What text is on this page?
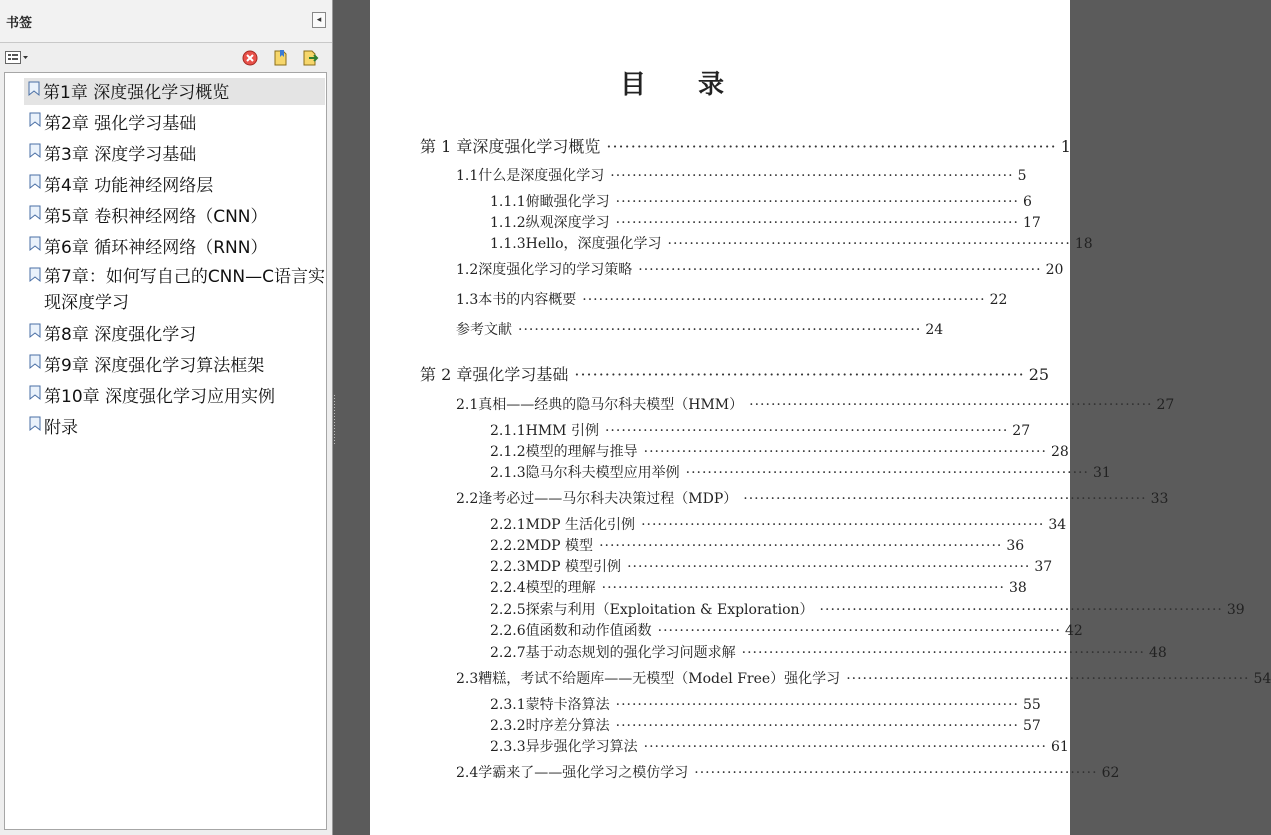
书签	◂
第1章 深度强化学习概览
第2章 强化学习基础
第3章 深度学习基础
第4章 功能神经网络层
第5章 卷积神经网络（CNN）
第6章 循环神经网络（RNN）
第7章：如何写自己的CNN—C语言实现深度学习
第8章 深度强化学习
第9章 深度强化学习算法框架
第10章 深度强化学习应用实例
附录
目录
第 1 章 深度强化学习概览 ·········································································· 1
1.1 什么是深度强化学习 ·········································································· 5
1.1.1 俯瞰强化学习 ·········································································· 6
1.1.2 纵观深度学习 ·········································································· 17
1.1.3 Hello，深度强化学习 ·········································································· 18
1.2 深度强化学习的学习策略 ·········································································· 20
1.3 本书的内容概要 ·········································································· 22
参考文献 ·········································································· 24
第 2 章 强化学习基础 ·········································································· 25
2.1 真相——经典的隐马尔科夫模型（HMM） ·········································································· 27
2.1.1 HMM 引例 ·········································································· 27
2.1.2 模型的理解与推导 ·········································································· 28
2.1.3 隐马尔科夫模型应用举例 ·········································································· 31
2.2 逢考必过——马尔科夫决策过程（MDP） ·········································································· 33
2.2.1 MDP 生活化引例 ·········································································· 34
2.2.2 MDP 模型 ·········································································· 36
2.2.3 MDP 模型引例 ·········································································· 37
2.2.4 模型的理解 ·········································································· 38
2.2.5 探索与利用（Exploitation & Exploration） ·········································································· 39
2.2.6 值函数和动作值函数 ·········································································· 42
2.2.7 基于动态规划的强化学习问题求解 ·········································································· 48
2.3 糟糕，考试不给题库——无模型（Model Free）强化学习 ·········································································· 54
2.3.1 蒙特卡洛算法 ·········································································· 55
2.3.2 时序差分算法 ·········································································· 57
2.3.3 异步强化学习算法 ·········································································· 61
2.4 学霸来了——强化学习之模仿学习 ·········································································· 62
